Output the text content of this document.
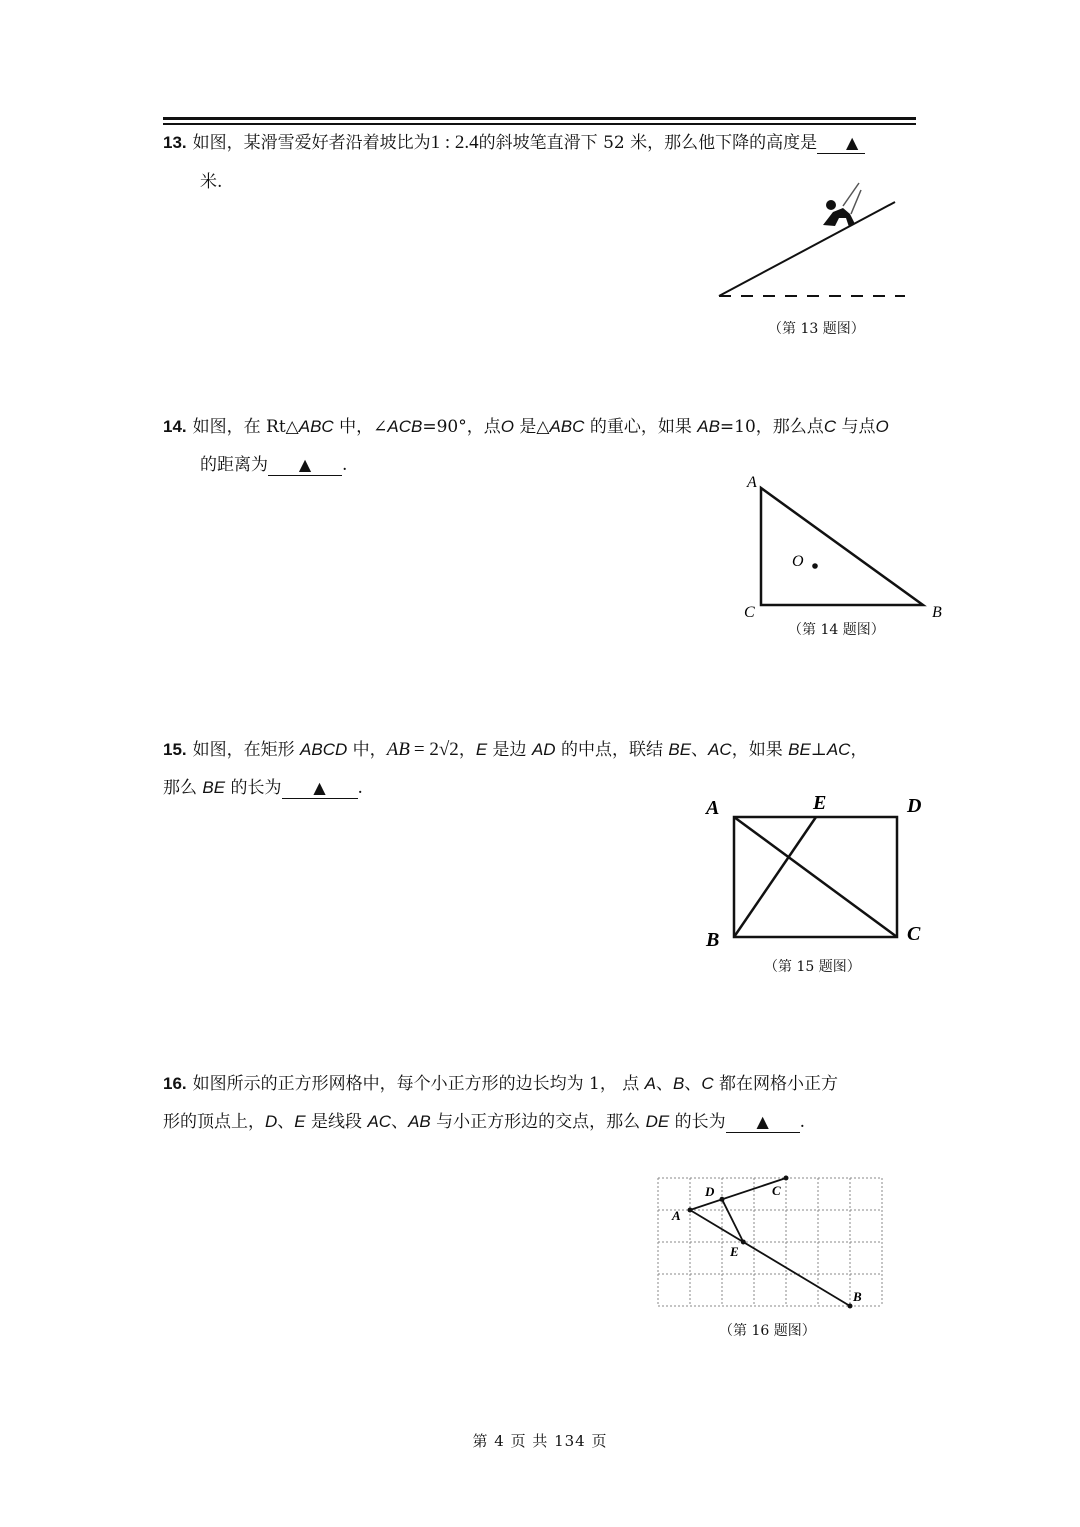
13. 如图，某滑雪爱好者沿着坡比为1 : 2.4的斜坡笔直滑下 52 米，那么他下降的高度是 ▲
米.
（第 13 题图）
14. 如图，在 Rt△ABC 中，∠ACB=90°，点O 是△ABC 的重心，如果 AB=10，那么点C 与点O
的距离为 ▲ .
A
B
C
O
（第 14 题图）
15. 如图，在矩形 ABCD 中，AB = 2√2，E 是边 AD 的中点，联结 BE、AC，如果 BE⊥AC，
那么 BE 的长为 ▲ .
A	E	D
B	C
（第 15 题图）
16. 如图所示的正方形网格中，每个小正方形的边长均为 1， 点 A、B、C 都在网格小正方
形的顶点上，D、E 是线段 AC、AB 与小正方形边的交点，那么 DE 的长为 ▲ .
A
D	C
E
B
（第 16 题图）
第 4 页 共 134 页
